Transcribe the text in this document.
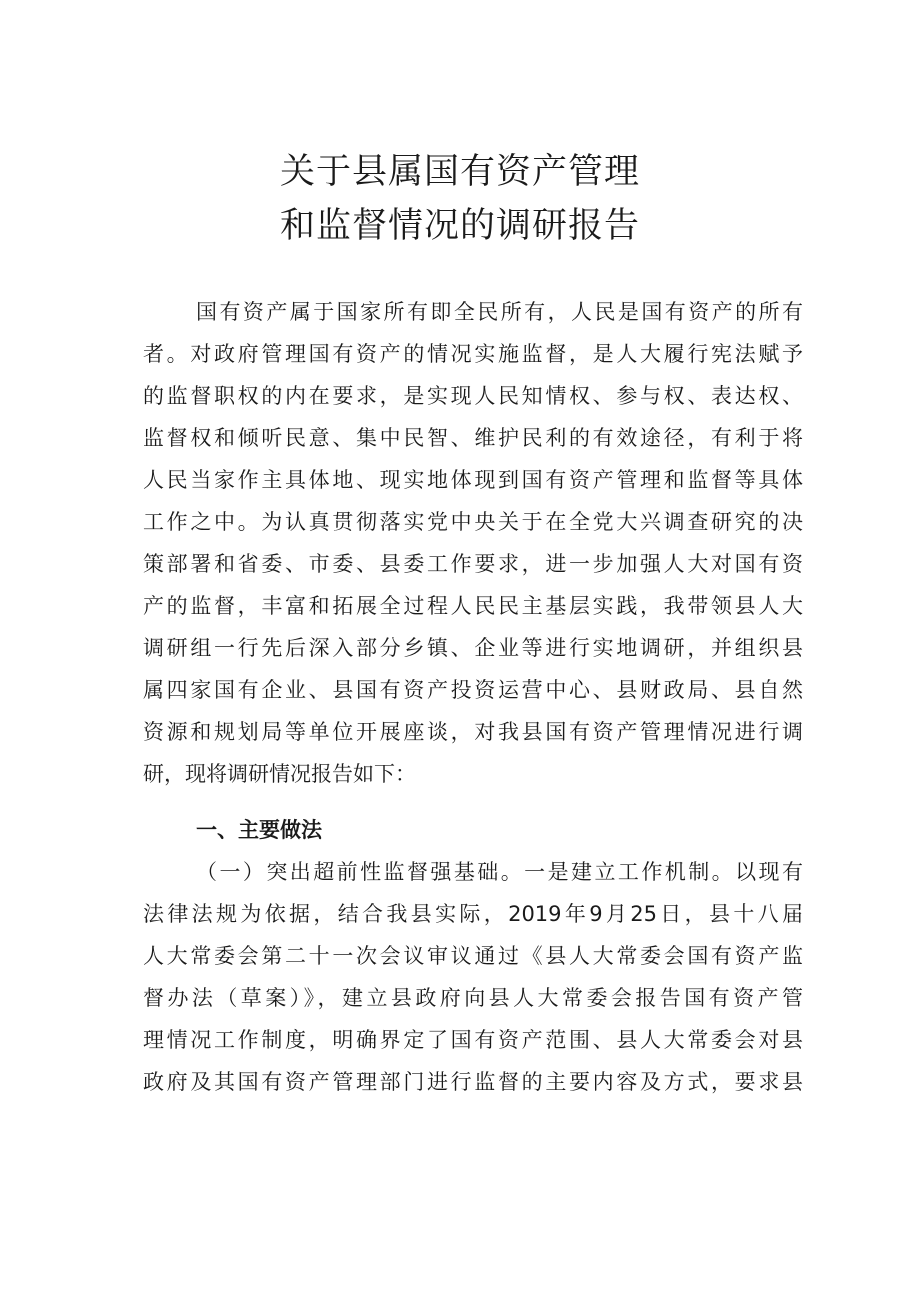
关于县属国有资产管理
和监督情况的调研报告
国有资产属于国家所有即全民所有，人民是国有资产的所有
者。对政府管理国有资产的情况实施监督，是人大履行宪法赋予
的监督职权的内在要求，是实现人民知情权、参与权、表达权、
监督权和倾听民意、集中民智、维护民利的有效途径，有利于将
人民当家作主具体地、现实地体现到国有资产管理和监督等具体
工作之中。为认真贯彻落实党中央关于在全党大兴调查研究的决
策部署和省委、市委、县委工作要求，进一步加强人大对国有资
产的监督，丰富和拓展全过程人民民主基层实践，我带领县人大
调研组一行先后深入部分乡镇、企业等进行实地调研，并组织县
属四家国有企业、县国有资产投资运营中心、县财政局、县自然
资源和规划局等单位开展座谈，对我县国有资产管理情况进行调
研，现将调研情况报告如下：
一、主要做法
（一）突出超前性监督强基础。一是建立工作机制。以现有
法律法规为依据，结合我县实际，2019年9月25日，县十八届
人大常委会第二十一次会议审议通过《县人大常委会国有资产监
督办法（草案）》，建立县政府向县人大常委会报告国有资产管
理情况工作制度，明确界定了国有资产范围、县人大常委会对县
政府及其国有资产管理部门进行监督的主要内容及方式，要求县
